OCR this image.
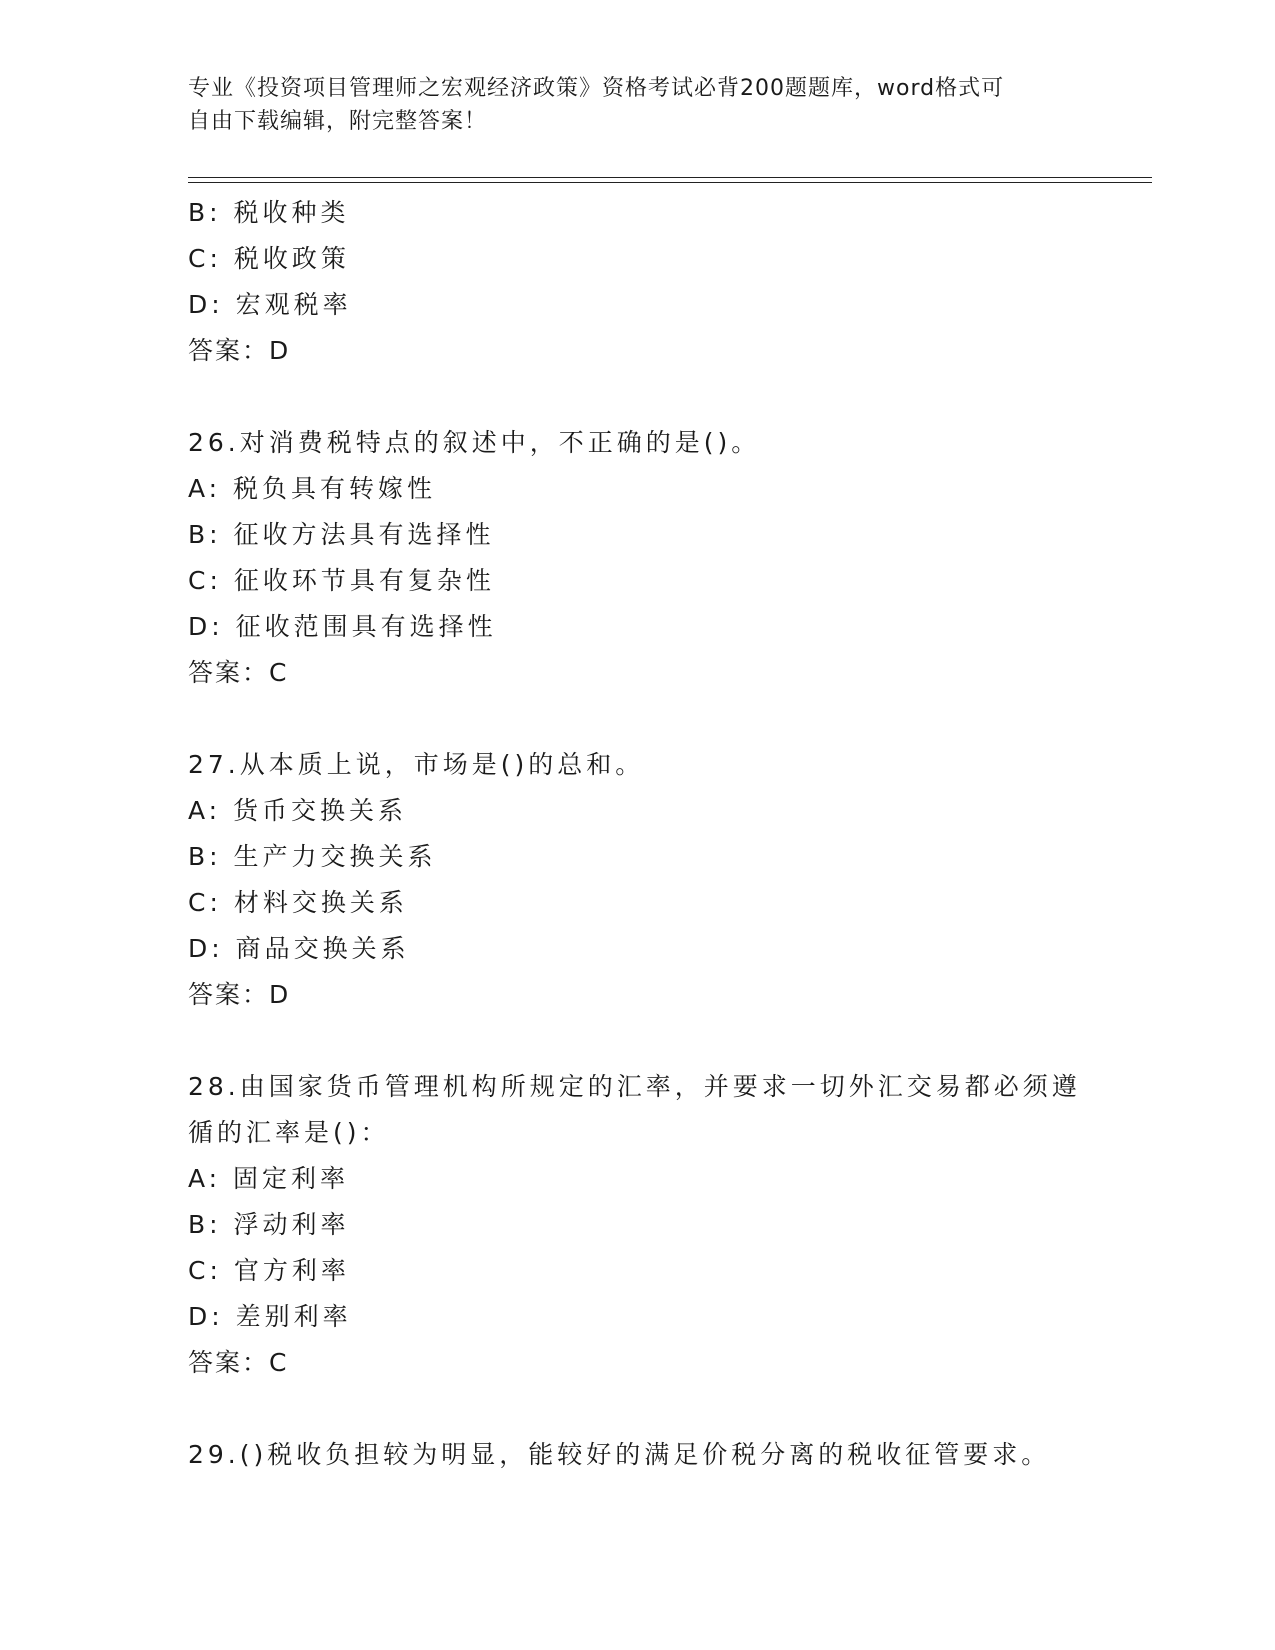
专业《投资项目管理师之宏观经济政策》资格考试必背200题题库，word格式可
自由下载编辑，附完整答案！
B: 税收种类
C: 税收政策
D: 宏观税率
答案：D
26.对消费税特点的叙述中，不正确的是()。
A: 税负具有转嫁性
B: 征收方法具有选择性
C: 征收环节具有复杂性
D: 征收范围具有选择性
答案：C
27.从本质上说，市场是()的总和。
A: 货币交换关系
B: 生产力交换关系
C: 材料交换关系
D: 商品交换关系
答案：D
28.由国家货币管理机构所规定的汇率，并要求一切外汇交易都必须遵
循的汇率是()：
A: 固定利率
B: 浮动利率
C: 官方利率
D: 差别利率
答案：C
29.()税收负担较为明显，能较好的满足价税分离的税收征管要求。
